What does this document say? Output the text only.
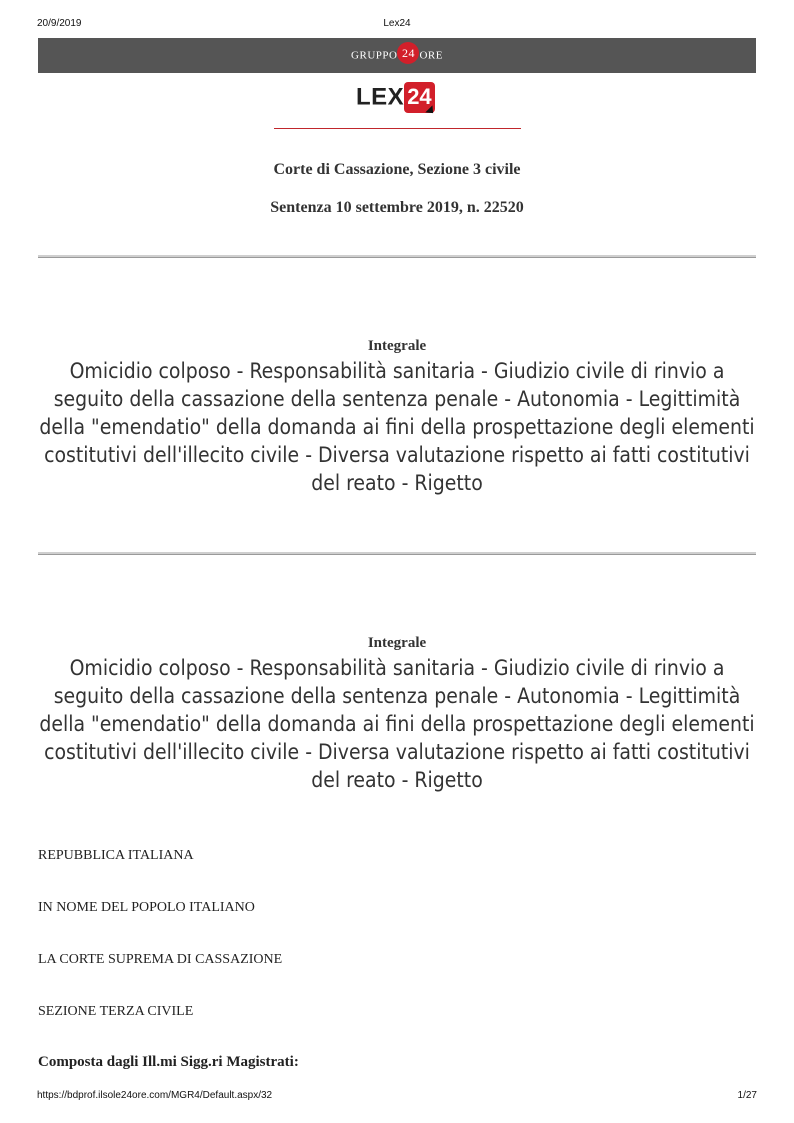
20/9/2019	Lex24
GRUPPO 24 ORE
LEX 24
Corte di Cassazione, Sezione 3 civile
Sentenza 10 settembre 2019, n. 22520
Integrale
Omicidio colposo - Responsabilità sanitaria - Giudizio civile di rinvio a seguito della cassazione della sentenza penale - Autonomia - Legittimità della "emendatio" della domanda ai fini della prospettazione degli elementi costitutivi dell'illecito civile - Diversa valutazione rispetto ai fatti costitutivi del reato - Rigetto
Integrale
Omicidio colposo - Responsabilità sanitaria - Giudizio civile di rinvio a seguito della cassazione della sentenza penale - Autonomia - Legittimità della "emendatio" della domanda ai fini della prospettazione degli elementi costitutivi dell'illecito civile - Diversa valutazione rispetto ai fatti costitutivi del reato - Rigetto
REPUBBLICA ITALIANA
IN NOME DEL POPOLO ITALIANO
LA CORTE SUPREMA DI CASSAZIONE
SEZIONE TERZA CIVILE
Composta dagli Ill.mi Sigg.ri Magistrati:
https://bdprof.ilsole24ore.com/MGR4/Default.aspx/32	1/27
